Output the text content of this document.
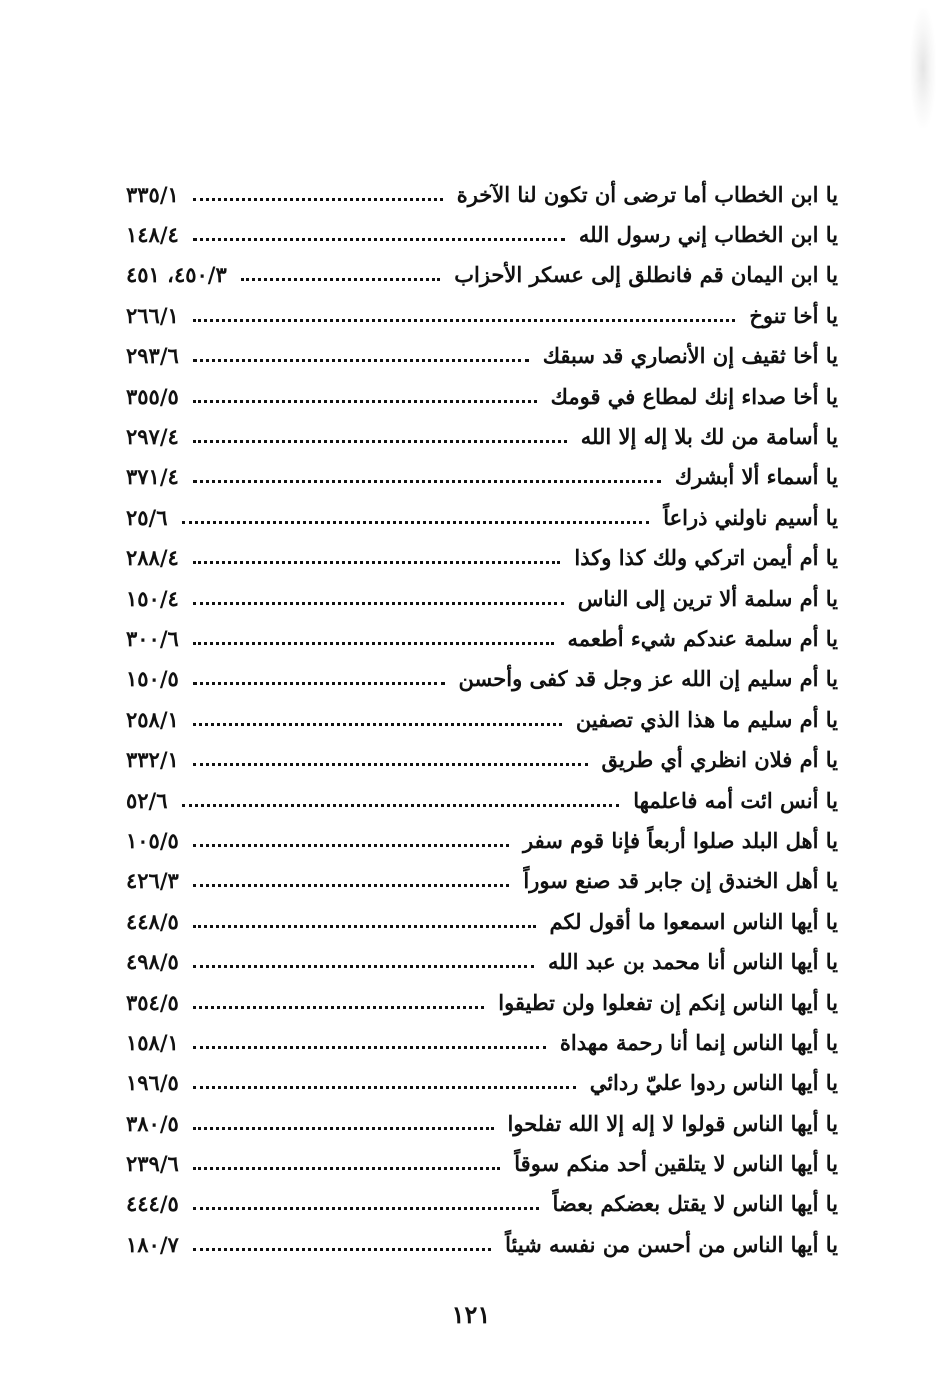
يا ابن الخطاب أما ترضى أن تكون لنا الآخرة
٣٣٥/١
يا ابن الخطاب إني رسول الله
١٤٨/٤
يا ابن اليمان قم فانطلق إلى عسكر الأحزاب
٤٥٠/٣، ٤٥١
يا أخا تنوخ
٢٦٦/١
يا أخا ثقيف إن الأنصاري قد سبقك
٢٩٣/٦
يا أخا صداء إنك لمطاع في قومك
٣٥٥/٥
يا أسامة من لك بلا إله إلا الله
٢٩٧/٤
يا أسماء ألا أبشرك
٣٧١/٤
يا أسيم ناولني ذراعاً
٢٥/٦
يا أم أيمن اتركي ولك كذا وكذا
٢٨٨/٤
يا أم سلمة ألا ترين إلى الناس
١٥٠/٤
يا أم سلمة عندكم شيء أطعمه
٣٠٠/٦
يا أم سليم إن الله عز وجل قد كفى وأحسن
١٥٠/٥
يا أم سليم ما هذا الذي تصفين
٢٥٨/١
يا أم فلان انظري أي طريق
٣٣٢/١
يا أنس ائت أمه فاعلمها
٥٢/٦
يا أهل البلد صلوا أربعاً فإنا قوم سفر
١٠٥/٥
يا أهل الخندق إن جابر قد صنع سوراً
٤٢٦/٣
يا أيها الناس اسمعوا ما أقول لكم
٤٤٨/٥
يا أيها الناس أنا محمد بن عبد الله
٤٩٨/٥
يا أيها الناس إنكم إن تفعلوا ولن تطيقوا
٣٥٤/٥
يا أيها الناس إنما أنا رحمة مهداة
١٥٨/١
يا أيها الناس ردوا عليّ ردائي
١٩٦/٥
يا أيها الناس قولوا لا إله إلا الله تفلحوا
٣٨٠/٥
يا أيها الناس لا يتلقين أحد منكم سوقاً
٢٣٩/٦
يا أيها الناس لا يقتل بعضكم بعضاً
٤٤٤/٥
يا أيها الناس من أحسن من نفسه شيئاً
١٨٠/٧
١٢١
